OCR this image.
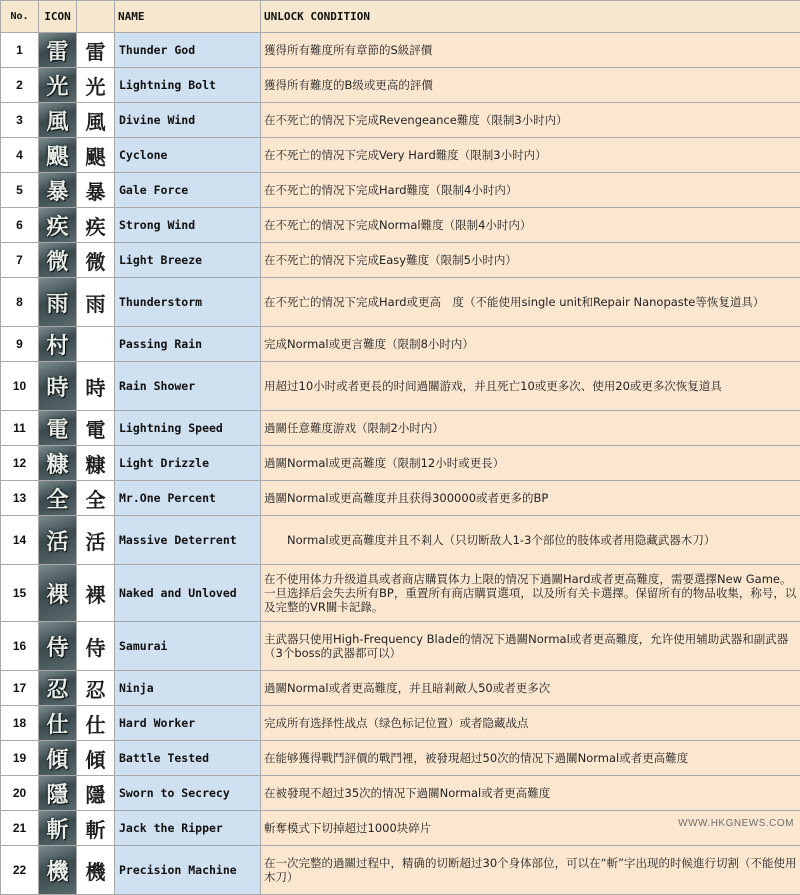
No.	ICON		NAME	UNLOCK CONDITION
1	雷	雷	Thunder God	獲得所有難度所有章節的S級評價
2	光	光	Lightning Bolt	獲得所有難度的B级或更高的評價
3	風	風	Divine Wind	在不死亡的情况下完成Revengeance難度（限制3小时内）
4	颶	颶	Cyclone	在不死亡的情况下完成Very Hard難度（限制3小时内）
5	暴	暴	Gale Force	在不死亡的情况下完成Hard難度（限制4小时内）
6	疾	疾	Strong Wind	在不死亡的情况下完成Normal難度（限制4小时内）
7	微	微	Light Breeze	在不死亡的情况下完成Easy難度（限制5小时内）
8	雨	雨	Thunderstorm	在不死亡的情况下完成Hard或更高　度（不能使用single unit和Repair Nanopaste等恢复道具）
9	村		Passing Rain	完成Normal或更言難度（限制8小时内）
10	時	時	Rain Shower	用超过10小时或者更長的时间過關游戏，并且死亡10或更多次、使用20或更多次恢复道具
11	電	電	Lightning Speed	過關任意難度游戏（限制2小时内）
12	糠	糠	Light Drizzle	過關Normal或更高難度（限制12小时或更長）
13	全	全	Mr.One Percent	過關Normal或更高難度并且获得300000或者更多的BP
14	活	活	Massive Deterrent	　　Normal或更高難度并且不剎人（只切断敌人1-3个部位的肢体或者用隐藏武器木刀）
15	裸	裸	Naked and Unloved	在不使用体力升级道具或者商店購買体力上限的情况下過關Hard或者更高難度，需要選擇New Game。一旦选择后会失去所有BP，重置所有商店購買選項，以及所有关卡選擇。保留所有的物品收集，称号，以及完整的VR關卡記錄。
16	侍	侍	Samurai	主武器只使用High-Frequency Blade的情况下過關Normal或者更高難度，允许使用辅助武器和副武器（3个boss的武器都可以）
17	忍	忍	Ninja	過關Normal或者更高難度，并且暗剎敵人50或者更多次
18	仕	仕	Hard Worker	完成所有选择性战点（绿色标记位置）或者隐藏战点
19	傾	傾	Battle Tested	在能够獲得戰鬥評價的戰鬥裡，被發現超过50次的情况下過關Normal或者更高難度
20	隱	隱	Sworn to Secrecy	在被發現不超过35次的情况下過關Normal或者更高難度
21	斬	斬	Jack the Ripper	斬奪模式下切掉超过1000块碎片
22	機	機	Precision Machine	在一次完整的過關过程中，精确的切断超过30个身体部位，可以在“斬”字出现的时候進行切割（不能使用木刀）
WWW.HKGNEWS.COM
